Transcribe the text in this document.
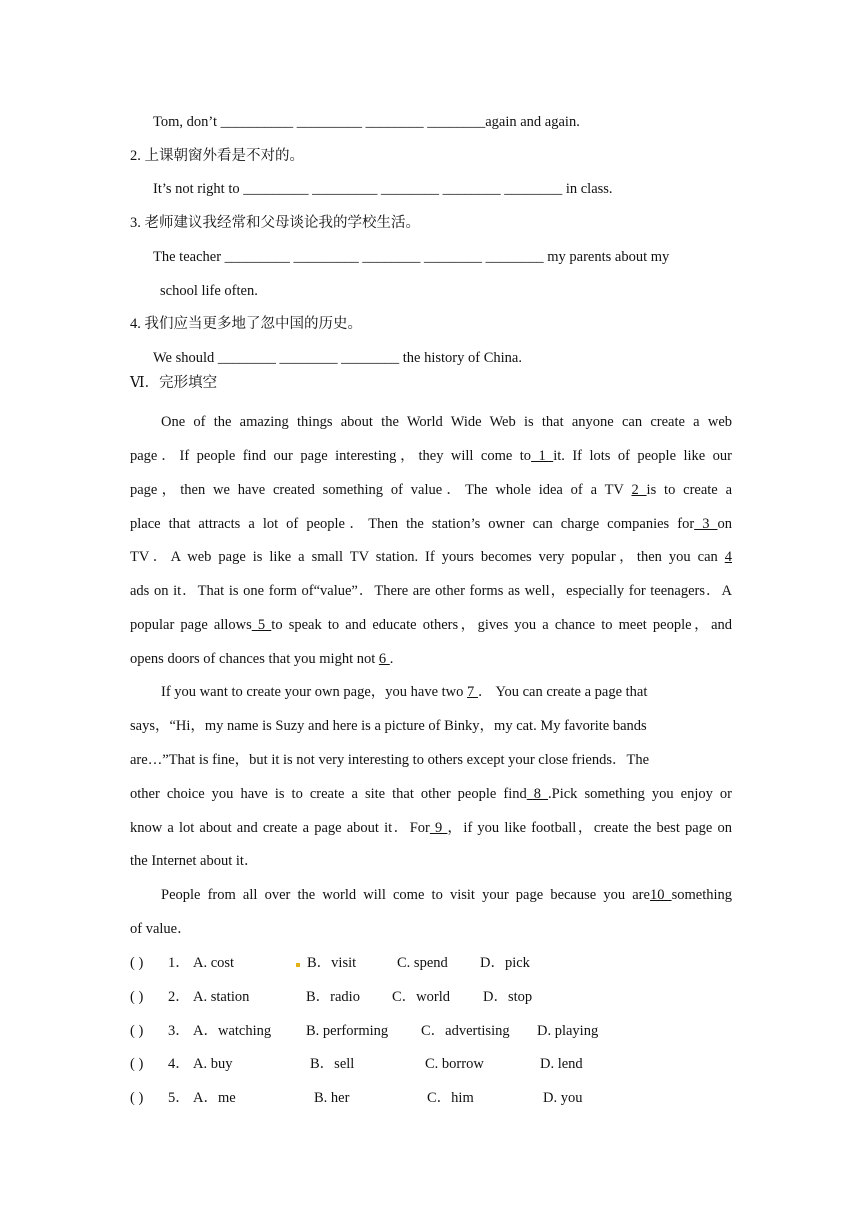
Tom, don’t __________ _________ ________ ________again and again.
2. 上课朝窗外看是不对的。
It’s not right to _________ _________ ________ ________ ________ in class.
3. 老师建议我经常和父母谈论我的学校生活。
The teacher _________ _________ ________ ________ ________ my parents about my
school life often.
4. 我们应当更多地了忽中国的历史。
We should ________ ________ ________ the history of China.
Ⅵ．完形填空
One of the amazing things about the World Wide Web is that anyone can create a web
page．If people find our page interesting，they will come to 1 it. If lots of people like our
page，then we have created something of value．The whole idea of a TV 2 is to create a
place that attracts a lot of people．Then the station’s owner can charge companies for 3 on
TV．A web page is like a small TV station. If yours becomes very popular，then you can 4
ads on it．That is one form of“value”．There are other forms as well，especially for teenagers．A
popular page allows 5 to speak to and educate others，gives you a chance to meet people，and
opens doors of chances that you might not 6 .
If you want to create your own page，you have two 7 ． You can create a page that
says，“Hi，my name is Suzy and here is a picture of Binky，my cat. My favorite bands
are…”That is fine，but it is not very interesting to others except your close friends．The
other choice you have is to create a site that other people find 8 .Pick something you enjoy or
know a lot about and create a page about it．For 9 ，if you like football，create the best page on
the Internet about it．
People from all over the world will come to visit your page because you are10 something
of value．
( ) 1． A. cost	B．visit	C. spend D．pick
( ) 2． A. station	B．radio C．world D．stop
( ) 3． A．watching B. performing C．advertising D. playing
( ) 4． A. buy	B．sell	C. borrow	D. lend
( ) 5． A．me	B. her	C．him	D. you
